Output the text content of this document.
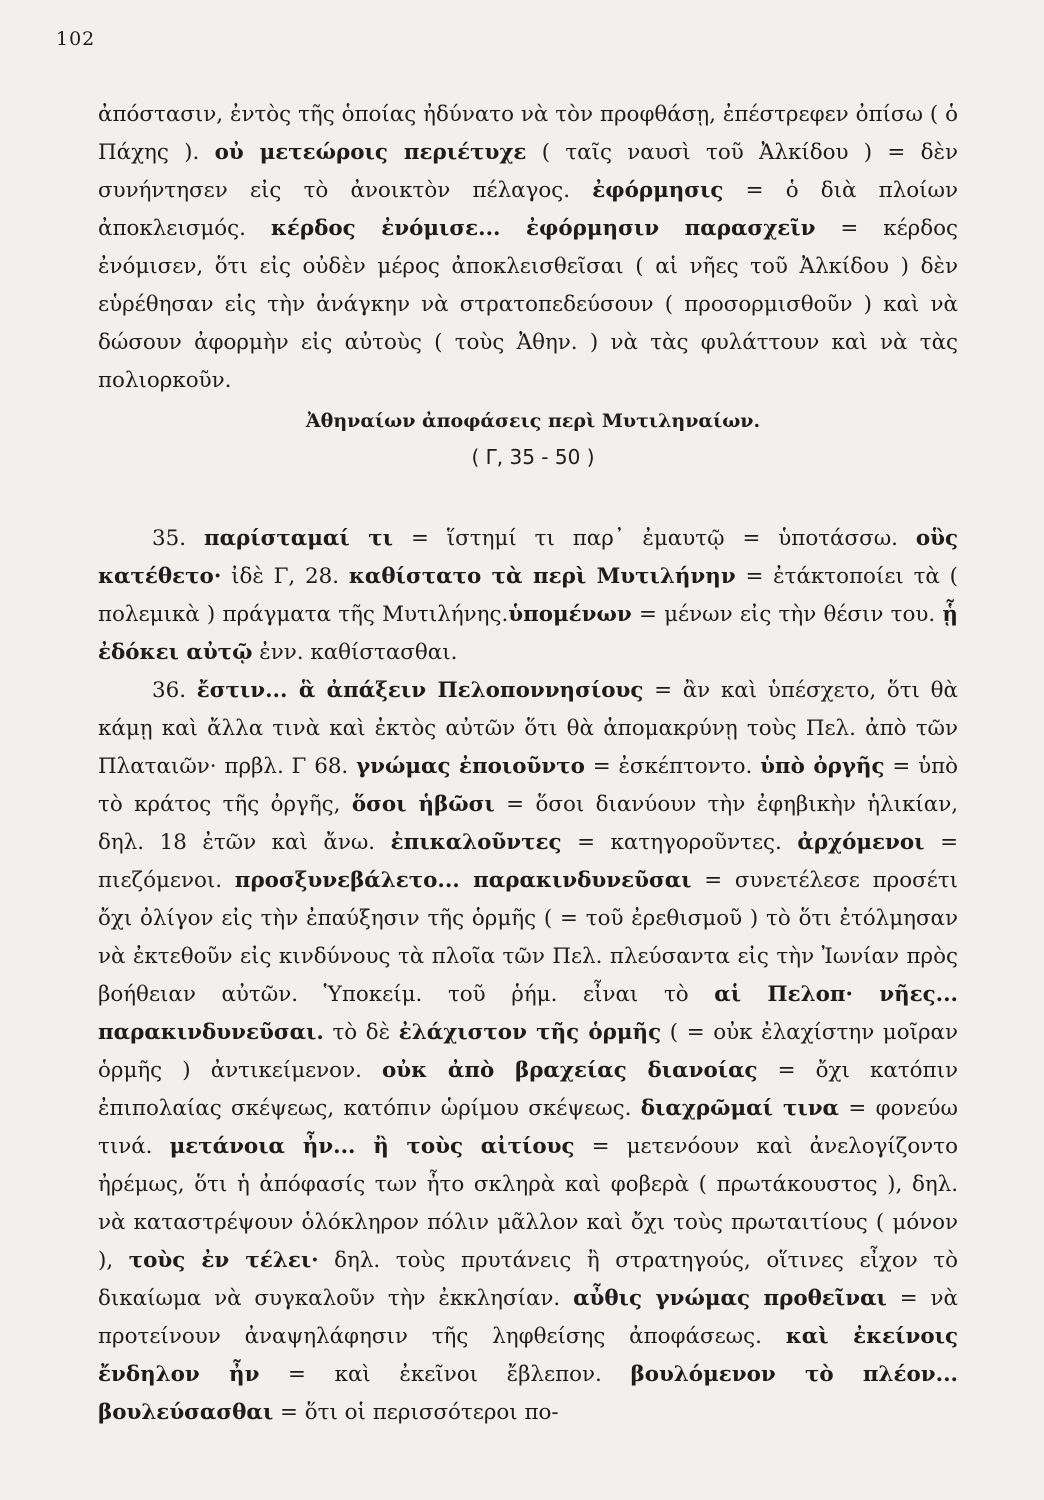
102

ἀπόστασιν, ἐντὸς τῆς ὁποίας ἠδύνατο νὰ τὸν προφθάσῃ, ἐπέστρεφεν ὀπίσω ( ὁ Πάχης ). οὐ μετεώροις περιέτυχε ( ταῖς ναυσὶ τοῦ Ἀλκίδου ) = δὲν συνήντησεν εἰς τὸ ἀνοικτὸν πέλαγος. ἐφόρμησις = ὁ διὰ πλοίων ἀποκλεισμός. κέρδος ἐνόμισε... ἐφόρμησιν παρασχεῖν = κέρδος ἐνόμισεν, ὅτι εἰς οὐδὲν μέρος ἀποκλεισθεῖσαι ( αἱ νῆες τοῦ Ἀλκίδου ) δὲν εὑρέθησαν εἰς τὴν ἀνάγκην νὰ στρατοπεδεύσουν ( προσορμισθοῦν ) καὶ νὰ δώσουν ἀφορμὴν εἰς αὐτοὺς ( τοὺς Ἀθην. ) νὰ τὰς φυλάττουν καὶ νὰ τὰς πολιορκοῦν.

Ἀθηναίων ἀποφάσεις περὶ Μυτιληναίων.

( Γ, 35 - 50 )

35. παρίσταμαί τι = ἵστημί τι παρ᾽ ἐμαυτῷ = ὑποτάσσω. οὓς κατέθετο· ἰδὲ Γ, 28. καθίστατο τὰ περὶ Μυτιλήνην = ἐτάκτοποίει τὰ ( πολεμικὰ ) πράγματα τῆς Μυτιλήνης.ὑπομένων = μένων εἰς τὴν θέσιν του. ᾗ ἐδόκει αὐτῷ ἐνν. καθίστασθαι.

36. ἔστιν... ἃ ἀπάξειν Πελοποννησίους = ἂν καὶ ὑπέσχετο, ὅτι θὰ κάμῃ καὶ ἄλλα τινὰ καὶ ἐκτὸς αὐτῶν ὅτι θὰ ἀπομακρύνῃ τοὺς Πελ. ἀπὸ τῶν Πλαταιῶν· πρβλ. Γ 68. γνώμας ἐποιοῦντο = ἐσκέπτοντο. ὑπὸ ὀργῆς = ὑπὸ τὸ κράτος τῆς ὀργῆς, ὅσοι ἡβῶσι = ὅσοι διανύουν τὴν ἐφηβικὴν ἡλικίαν, δηλ. 18 ἐτῶν καὶ ἄνω. ἐπικαλοῦντες = κατηγοροῦντες. ἀρχόμενοι = πιεζόμενοι. προσξυνεβάλετο... παρακινδυνεῦσαι = συνετέλεσε προσέτι ὄχι ὀλίγον εἰς τὴν ἐπαύξησιν τῆς ὁρμῆς ( = τοῦ ἐρεθισμοῦ ) τὸ ὅτι ἐτόλμησαν νὰ ἐκτεθοῦν εἰς κινδύνους τὰ πλοῖα τῶν Πελ. πλεύσαντα εἰς τὴν Ἰωνίαν πρὸς βοήθειαν αὐτῶν. Ὑποκείμ. τοῦ ῥήμ. εἶναι τὸ αἱ Πελοπ· νῆες... παρακινδυνεῦσαι. τὸ δὲ ἐλάχιστον τῆς ὁρμῆς ( = οὐκ ἐλαχίστην μοῖραν ὁρμῆς ) ἀντικείμενον. οὐκ ἀπὸ βραχείας διανοίας = ὄχι κατόπιν ἐπιπολαίας σκέψεως, κατόπιν ὡρίμου σκέψεως. διαχρῶμαί τινα = φονεύω τινά. μετάνοια ἦν... ἢ τοὺς αἰτίους = μετενόουν καὶ ἀνελογίζοντο ἠρέμως, ὅτι ἡ ἀπόφασίς των ἦτο σκληρὰ καὶ φοβερὰ ( πρωτάκουστος ), δηλ. νὰ καταστρέψουν ὁλόκληρον πόλιν μᾶλλον καὶ ὄχι τοὺς πρωταιτίους ( μόνον ), τοὺς ἐν τέλει· δηλ. τοὺς πρυτάνεις ἢ στρατηγούς, οἵτινες εἶχον τὸ δικαίωμα νὰ συγκαλοῦν τὴν ἐκκλησίαν. αὖθις γνώμας προθεῖναι = νὰ προτείνουν ἀναψηλάφησιν τῆς ληφθείσης ἀποφάσεως. καὶ ἐκείνοις ἔνδηλον ἦν = καὶ ἐκεῖνοι ἔβλεπον. βουλόμενον τὸ πλέον... βουλεύσασθαι = ὅτι οἱ περισσότεροι πο-
